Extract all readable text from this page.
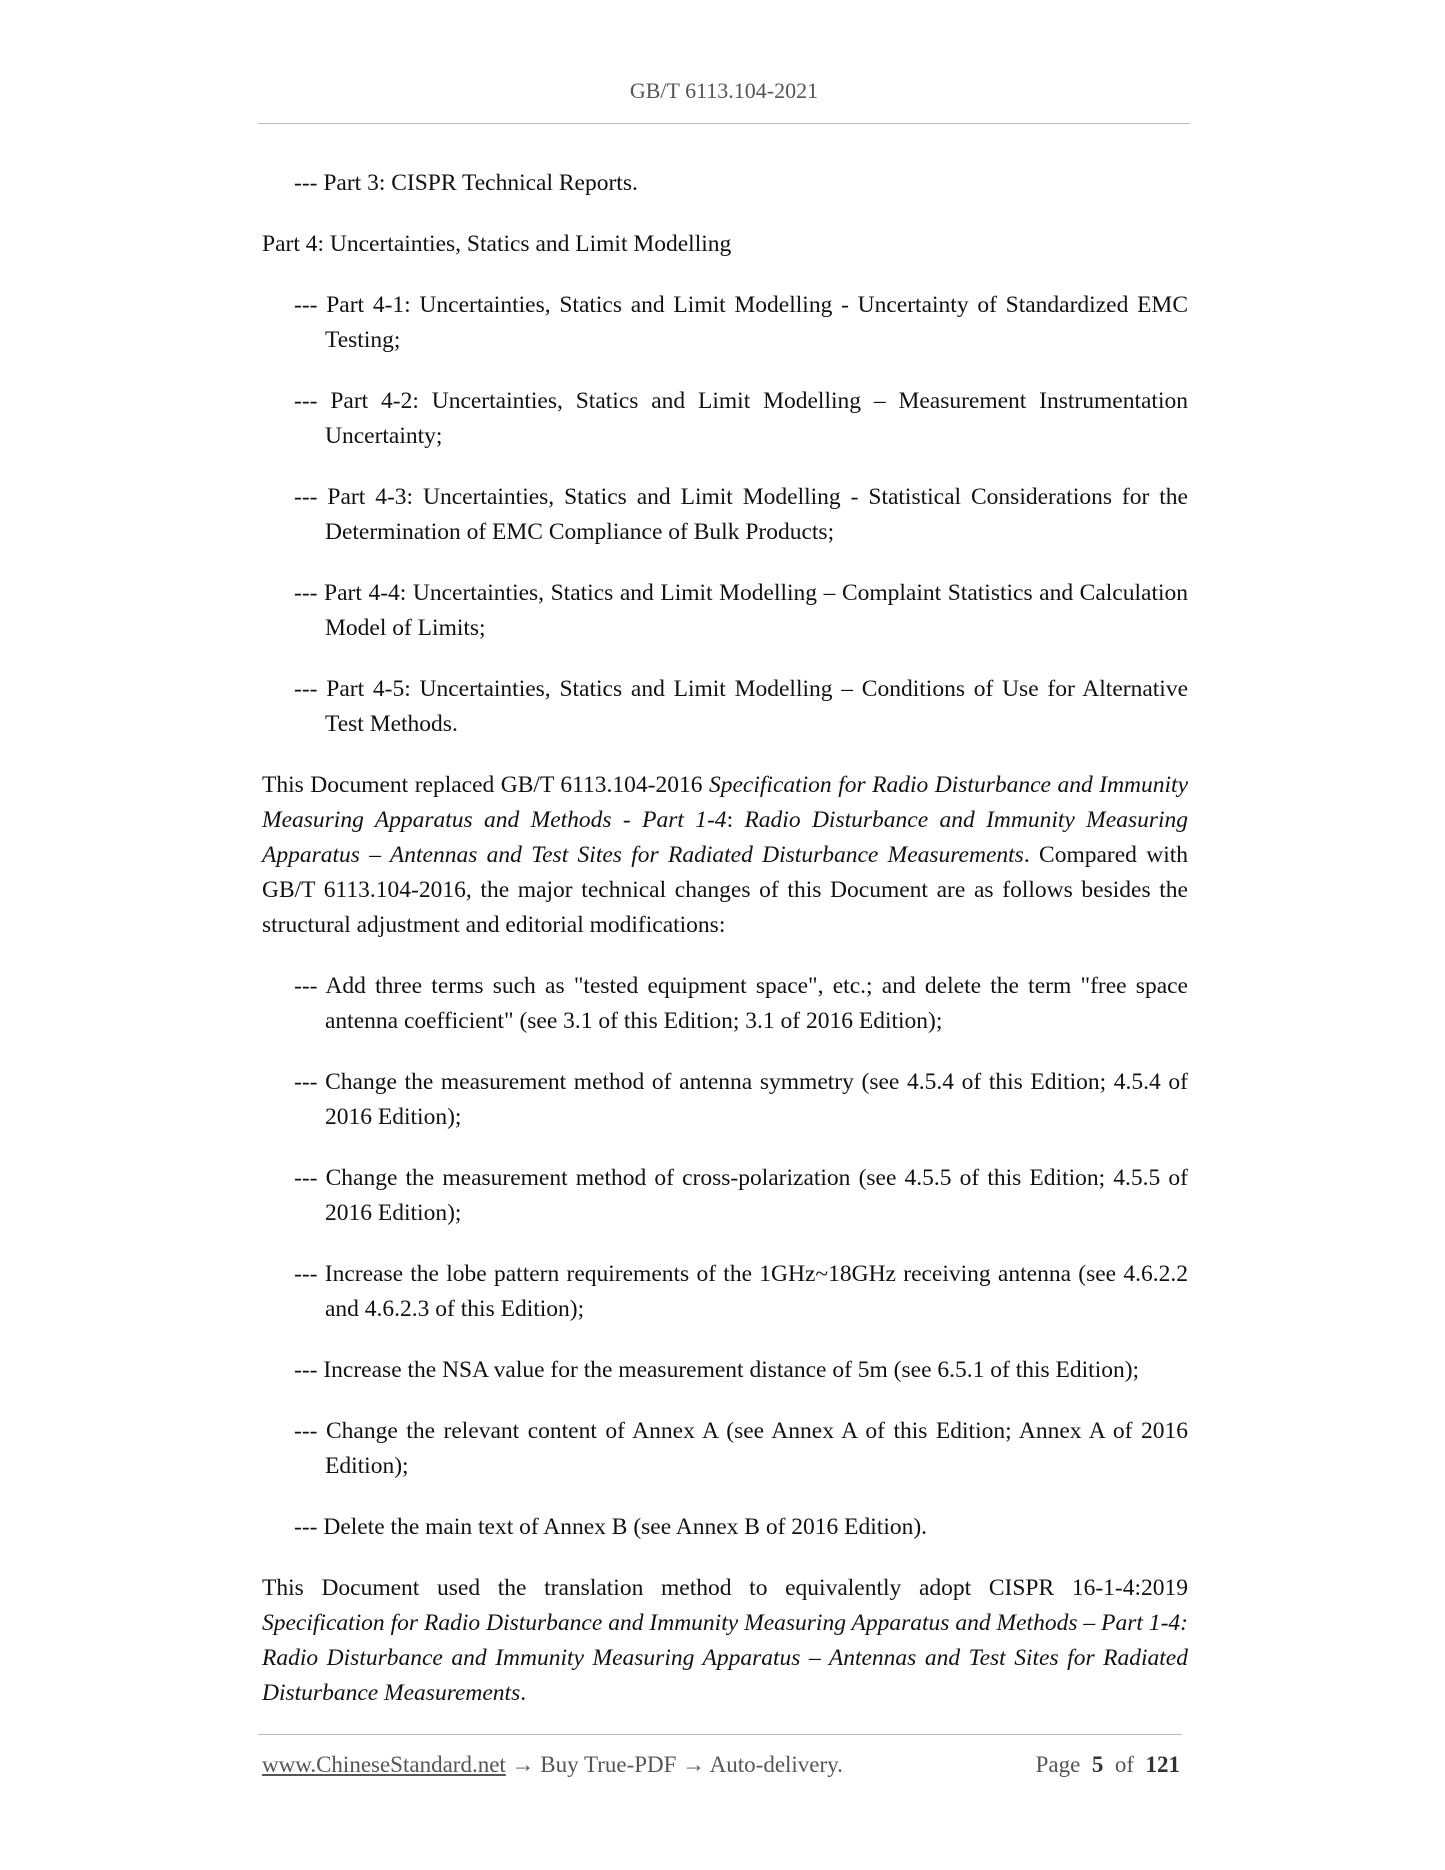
GB/T 6113.104-2021

--- Part 3: CISPR Technical Reports.

Part 4: Uncertainties, Statics and Limit Modelling

--- Part 4-1: Uncertainties, Statics and Limit Modelling - Uncertainty of Standardized EMC Testing;

--- Part 4-2: Uncertainties, Statics and Limit Modelling – Measurement Instrumentation Uncertainty;

--- Part 4-3: Uncertainties, Statics and Limit Modelling - Statistical Considerations for the Determination of EMC Compliance of Bulk Products;

--- Part 4-4: Uncertainties, Statics and Limit Modelling – Complaint Statistics and Calculation Model of Limits;

--- Part 4-5: Uncertainties, Statics and Limit Modelling – Conditions of Use for Alternative Test Methods.

This Document replaced GB/T 6113.104-2016 Specification for Radio Disturbance and Immunity Measuring Apparatus and Methods - Part 1-4: Radio Disturbance and Immunity Measuring Apparatus – Antennas and Test Sites for Radiated Disturbance Measurements. Compared with GB/T 6113.104-2016, the major technical changes of this Document are as follows besides the structural adjustment and editorial modifications:

--- Add three terms such as "tested equipment space", etc.; and delete the term "free space antenna coefficient" (see 3.1 of this Edition; 3.1 of 2016 Edition);

--- Change the measurement method of antenna symmetry (see 4.5.4 of this Edition; 4.5.4 of 2016 Edition);

--- Change the measurement method of cross-polarization (see 4.5.5 of this Edition; 4.5.5 of 2016 Edition);

--- Increase the lobe pattern requirements of the 1GHz~18GHz receiving antenna (see 4.6.2.2 and 4.6.2.3 of this Edition);

--- Increase the NSA value for the measurement distance of 5m (see 6.5.1 of this Edition);

--- Change the relevant content of Annex A (see Annex A of this Edition; Annex A of 2016 Edition);

--- Delete the main text of Annex B (see Annex B of 2016 Edition).

This Document used the translation method to equivalently adopt CISPR 16-1-4:2019 Specification for Radio Disturbance and Immunity Measuring Apparatus and Methods – Part 1-4: Radio Disturbance and Immunity Measuring Apparatus – Antennas and Test Sites for Radiated Disturbance Measurements.

www.ChineseStandard.net → Buy True-PDF → Auto-delivery.	Page 5 of 121
